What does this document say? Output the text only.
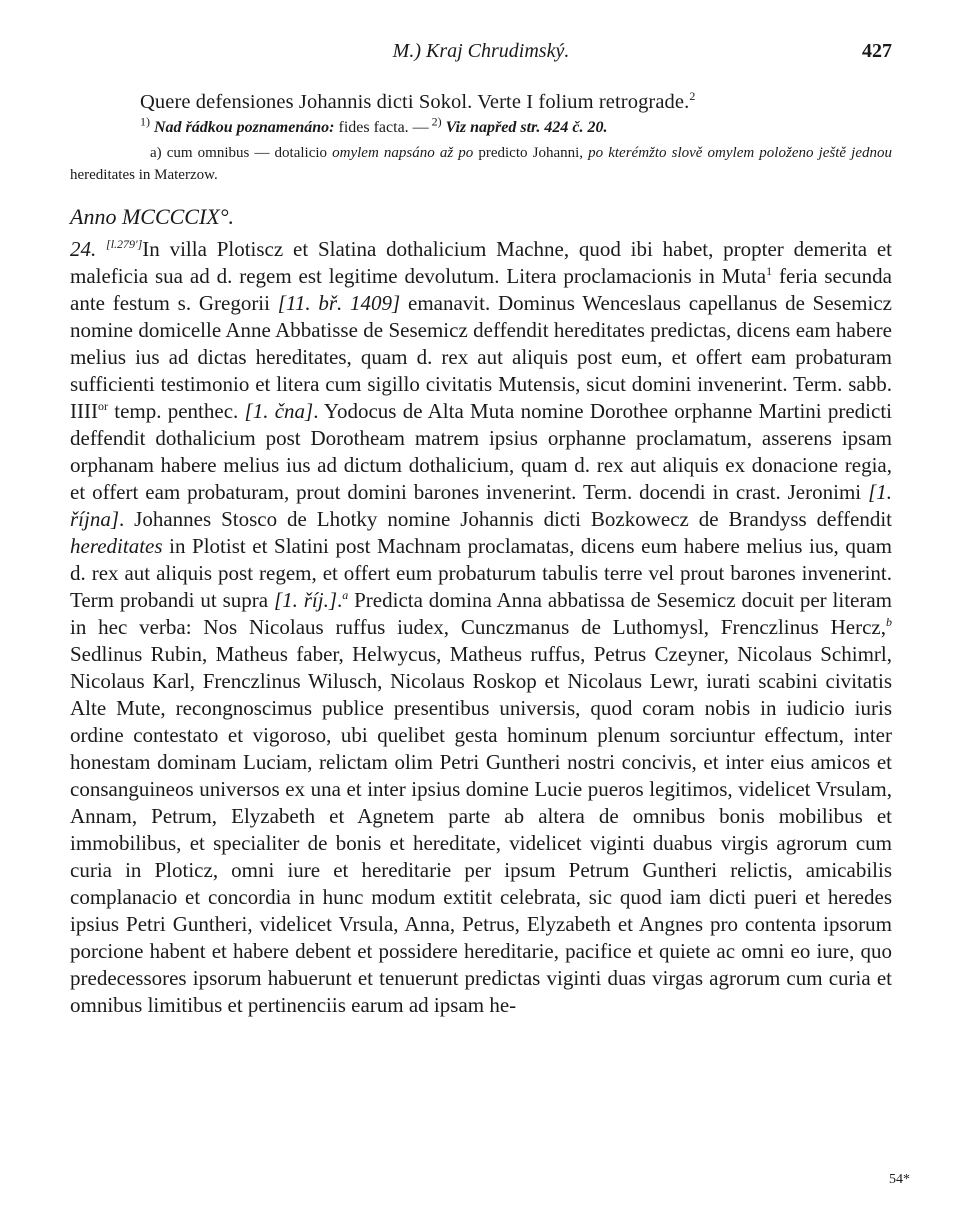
M.) Kraj Chrudimský.	427
Quere defensiones Johannis dicti Sokol. Verte I folium retrograde.$^2$
$^{1)}$ Nad řádkou poznamenáno: fides facta. — $^{2)}$ Viz napřed str. 424 č. 20.
a) cum omnibus — dotalicio omylem napsáno až po predicto Johanni, po kterémžto slově omylem položeno ještě jednou hereditates in Materzow.
Anno MCCCCIX°.
24. [l.279']In villa Plotiscz et Slatina dothalicium Machne, quod ibi habet, propter demerita et maleficia sua ad d. regem est legitime devolutum. Litera proclamacionis in Muta$^1$ feria secunda ante festum s. Gregorii [11. bř. 1409] emanavit. Dominus Wenceslaus capellanus de Sesemicz nomine domicelle Anne Abbatisse de Sesemicz deffendit hereditates predictas, dicens eam habere melius ius ad dictas hereditates, quam d. rex aut aliquis post eum, et offert eam probaturam sufficienti testimonio et litera cum sigillo civitatis Mutensis, sicut domini invenerint. Term. sabb. $IIII^{or}$ temp. penthec. [1. čna]. Yodocus de Alta Muta nomine Dorothee orphanne Martini predicti deffendit dothalicium post Dorotheam matrem ipsius orphanne proclamatum, asserens ipsam orphanam habere melius ius ad dictum dothalicium, quam d. rex aut aliquis ex donacione regia, et offert eam probaturam, prout domini barones invenerint. Term. docendi in crast. Jeronimi [1. října]. Johannes Stosco de Lhotky nomine Johannis dicti Bozkowecz de Brandyss deffendit hereditates in Plotist et Slatini post Machnam proclamatas, dicens eum habere melius ius, quam d. rex aut aliquis post regem, et offert eum probaturum tabulis terre vel prout barones invenerint. Term probandi ut supra [1. říj.].$^a$ Predicta domina Anna abbatissa de Sesemicz docuit per literam in hec verba: Nos Nicolaus ruffus iudex, Cunczmanus de Luthomysl, Frenczlinus Hercz,$^b$ Sedlinus Rubin, Matheus faber, Helwycus, Matheus ruffus, Petrus Czeyner, Nicolaus Schimrl, Nicolaus Karl, Frenczlinus Wilusch, Nicolaus Roskop et Nicolaus Lewr, iurati scabini civitatis Alte Mute, recongnoscimus publice presentibus universis, quod coram nobis in iudicio iuris ordine contestato et vigoroso, ubi quelibet gesta hominum plenum sorciuntur effectum, inter honestam dominam Luciam, relictam olim Petri Guntheri nostri concivis, et inter eius amicos et consanguineos universos ex una et inter ipsius domine Lucie pueros legitimos, videlicet Vrsulam, Annam, Petrum, Elyzabeth et Agnetem parte ab altera de omnibus bonis mobilibus et immobilibus, et specialiter de bonis et hereditate, videlicet viginti duabus virgis agrorum cum curia in Ploticz, omni iure et hereditarie per ipsum Petrum Guntheri relictis, amicabilis complanacio et concordia in hunc modum extitit celebrata, sic quod iam dicti pueri et heredes ipsius Petri Guntheri, videlicet Vrsula, Anna, Petrus, Elyzabeth et Angnes pro contenta ipsorum porcione habent et habere debent et possidere hereditarie, pacifice et quiete ac omni eo iure, quo predecessores ipsorum habuerunt et tenuerunt predictas viginti duas virgas agrorum cum curia et omnibus limitibus et pertinenciis earum ad ipsam he-
54*
